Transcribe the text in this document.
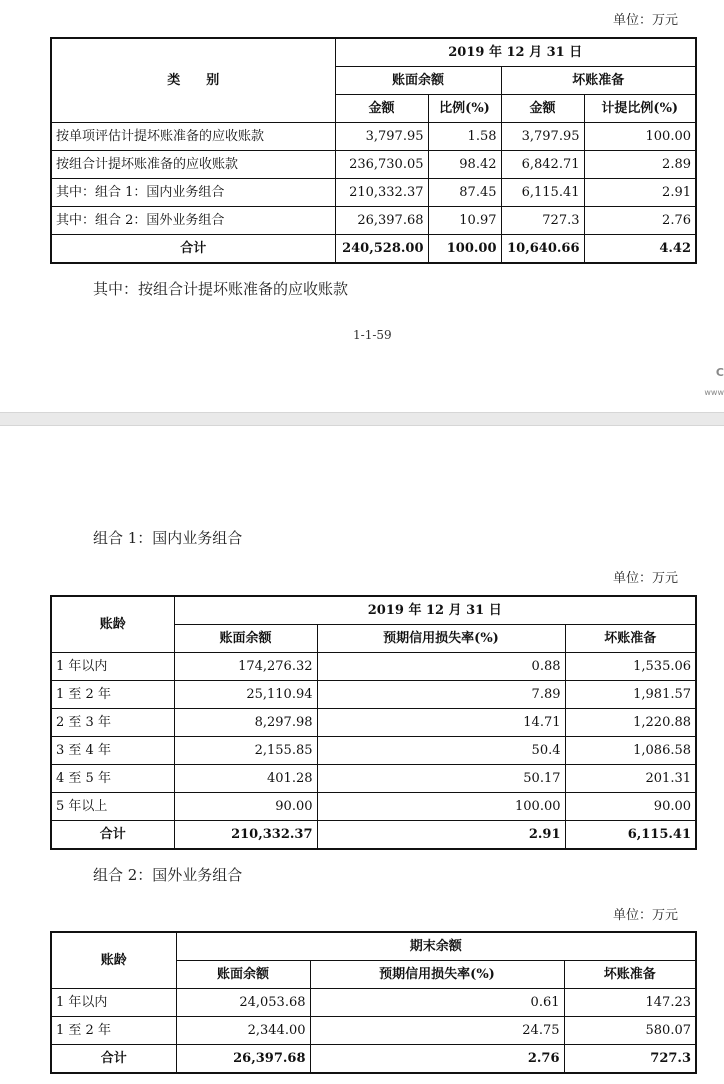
单位：万元
类　　别	2019 年 12 月 31 日			
	账面余额		坏账准备	
	金额	比例(%)	金额	计提比例(%)
按单项评估计提坏账准备的应收账款	3,797.95	1.58	3,797.95	100.00
按组合计提坏账准备的应收账款	236,730.05	98.42	6,842.71	2.89
其中：组合 1：国内业务组合	210,332.37	87.45	6,115.41	2.91
其中：组合 2：国外业务组合	26,397.68	10.97	727.3	2.76
合计	240,528.00	100.00	10,640.66	4.42
其中：按组合计提坏账准备的应收账款
1-1-59
C
www
组合 1：国内业务组合
单位：万元
账龄	2019 年 12 月 31 日		
	账面余额	预期信用损失率(%)	坏账准备
1 年以内	174,276.32	0.88	1,535.06
1 至 2 年	25,110.94	7.89	1,981.57
2 至 3 年	8,297.98	14.71	1,220.88
3 至 4 年	2,155.85	50.4	1,086.58
4 至 5 年	401.28	50.17	201.31
5 年以上	90.00	100.00	90.00
合计	210,332.37	2.91	6,115.41
组合 2：国外业务组合
单位：万元
账龄	期末余额		
	账面余额	预期信用损失率(%)	坏账准备
1 年以内	24,053.68	0.61	147.23
1 至 2 年	2,344.00	24.75	580.07
合计	26,397.68	2.76	727.3
